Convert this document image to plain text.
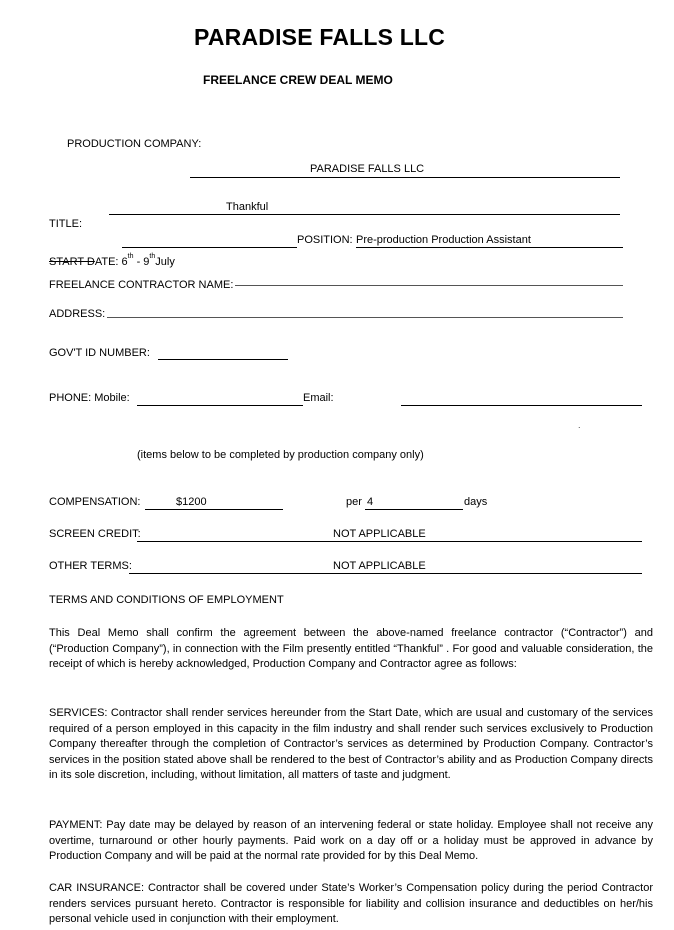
PARADISE FALLS LLC
FREELANCE CREW DEAL MEMO
PRODUCTION COMPANY:
PARADISE FALLS LLC
Thankful
TITLE:
POSITION: Pre-production Production Assistant
START DATE: 6th - 9thJuly
FREELANCE CONTRACTOR NAME:
ADDRESS:
GOV'T ID NUMBER:
PHONE: Mobile:	Email:
.
(items below to be completed by production company only)
COMPENSATION:	$1200	per 4	days
SCREEN CREDIT:	NOT APPLICABLE
OTHER TERMS:	NOT APPLICABLE
TERMS AND CONDITIONS OF EMPLOYMENT
This Deal Memo shall confirm the agreement between the above-named freelance contractor (“Contractor”) and (“Production Company”), in connection with the Film presently entitled “Thankful” . For good and valuable consideration, the receipt of which is hereby acknowledged, Production Company and Contractor agree as follows:
SERVICES: Contractor shall render services hereunder from the Start Date, which are usual and customary of the services required of a person employed in this capacity in the film industry and shall render such services exclusively to Production Company thereafter through the completion of Contractor’s services as determined by Production Company. Contractor’s services in the position stated above shall be rendered to the best of Contractor’s ability and as Production Company directs in its sole discretion, including, without limitation, all matters of taste and judgment.
PAYMENT: Pay date may be delayed by reason of an intervening federal or state holiday. Employee shall not receive any overtime, turnaround or other hourly payments. Paid work on a day off or a holiday must be approved in advance by Production Company and will be paid at the normal rate provided for by this Deal Memo.
CAR INSURANCE: Contractor shall be covered under State’s Worker’s Compensation policy during the period Contractor renders services pursuant hereto. Contractor is responsible for liability and collision insurance and deductibles on her/his personal vehicle used in conjunction with their employment.
